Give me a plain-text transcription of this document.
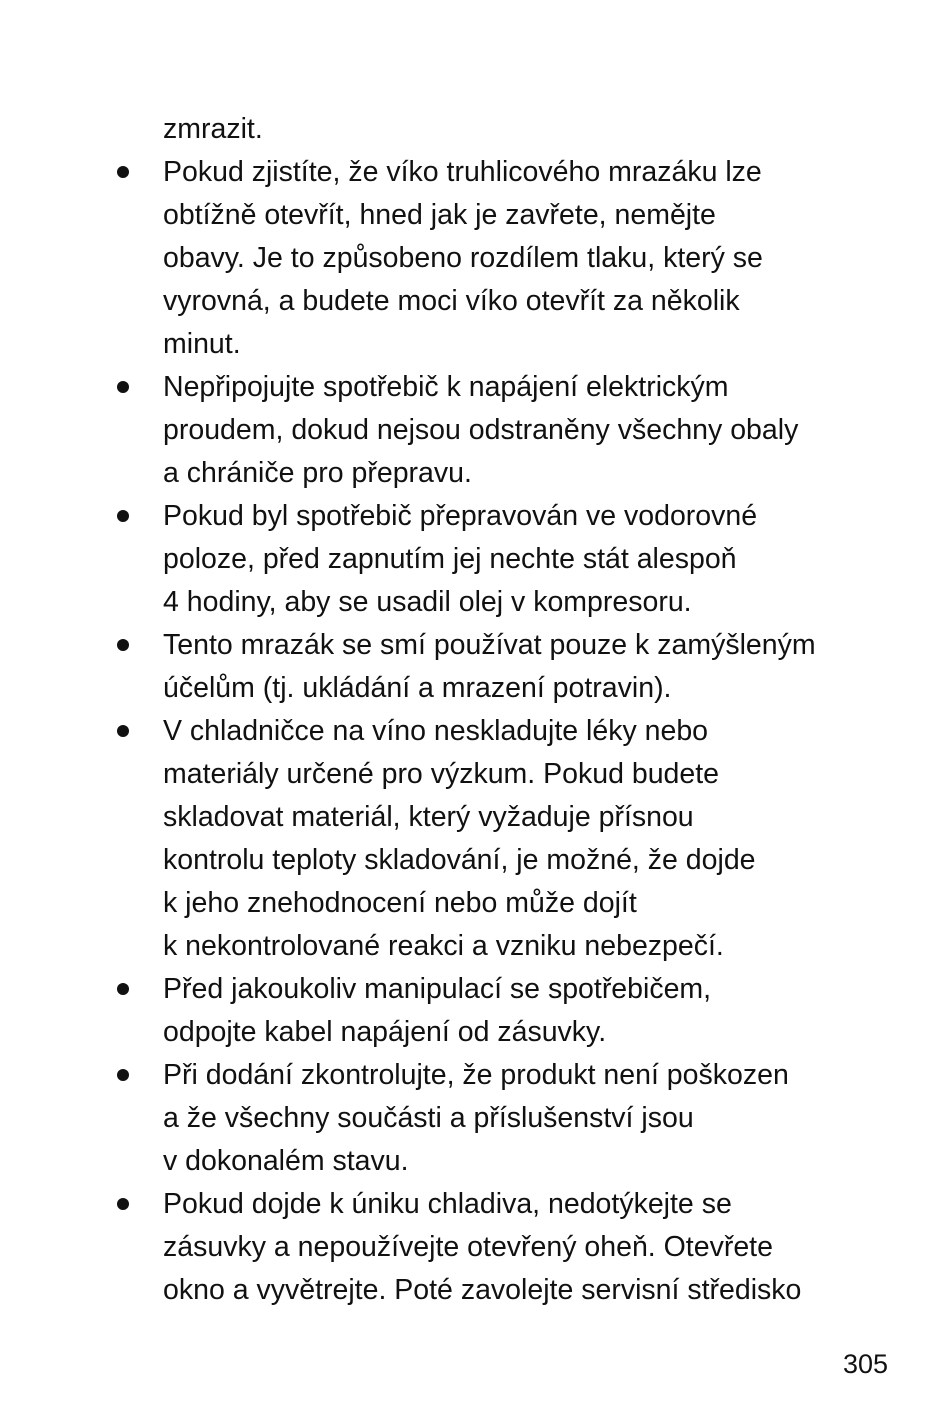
zmrazit.
Pokud zjistíte, že víko truhlicového mrazáku lze
obtížně otevřít, hned jak je zavřete, nemějte
obavy. Je to způsobeno rozdílem tlaku, který se
vyrovná, a budete moci víko otevřít za několik
minut.
Nepřipojujte spotřebič k napájení elektrickým
proudem, dokud nejsou odstraněny všechny obaly
a chrániče pro přepravu.
Pokud byl spotřebič přepravován ve vodorovné
poloze, před zapnutím jej nechte stát alespoň
4 hodiny, aby se usadil olej v kompresoru.
Tento mrazák se smí používat pouze k zamýšleným
účelům (tj. ukládání a mrazení potravin).
V chladničce na víno neskladujte léky nebo
materiály určené pro výzkum. Pokud budete
skladovat materiál, který vyžaduje přísnou
kontrolu teploty skladování, je možné, že dojde
k jeho znehodnocení nebo může dojít
k nekontrolované reakci a vzniku nebezpečí.
Před jakoukoliv manipulací se spotřebičem,
odpojte kabel napájení od zásuvky.
Při dodání zkontrolujte, že produkt není poškozen
a že všechny součásti a příslušenství jsou
v dokonalém stavu.
Pokud dojde k úniku chladiva, nedotýkejte se
zásuvky a nepoužívejte otevřený oheň. Otevřete
okno a vyvětrejte. Poté zavolejte servisní středisko
305
